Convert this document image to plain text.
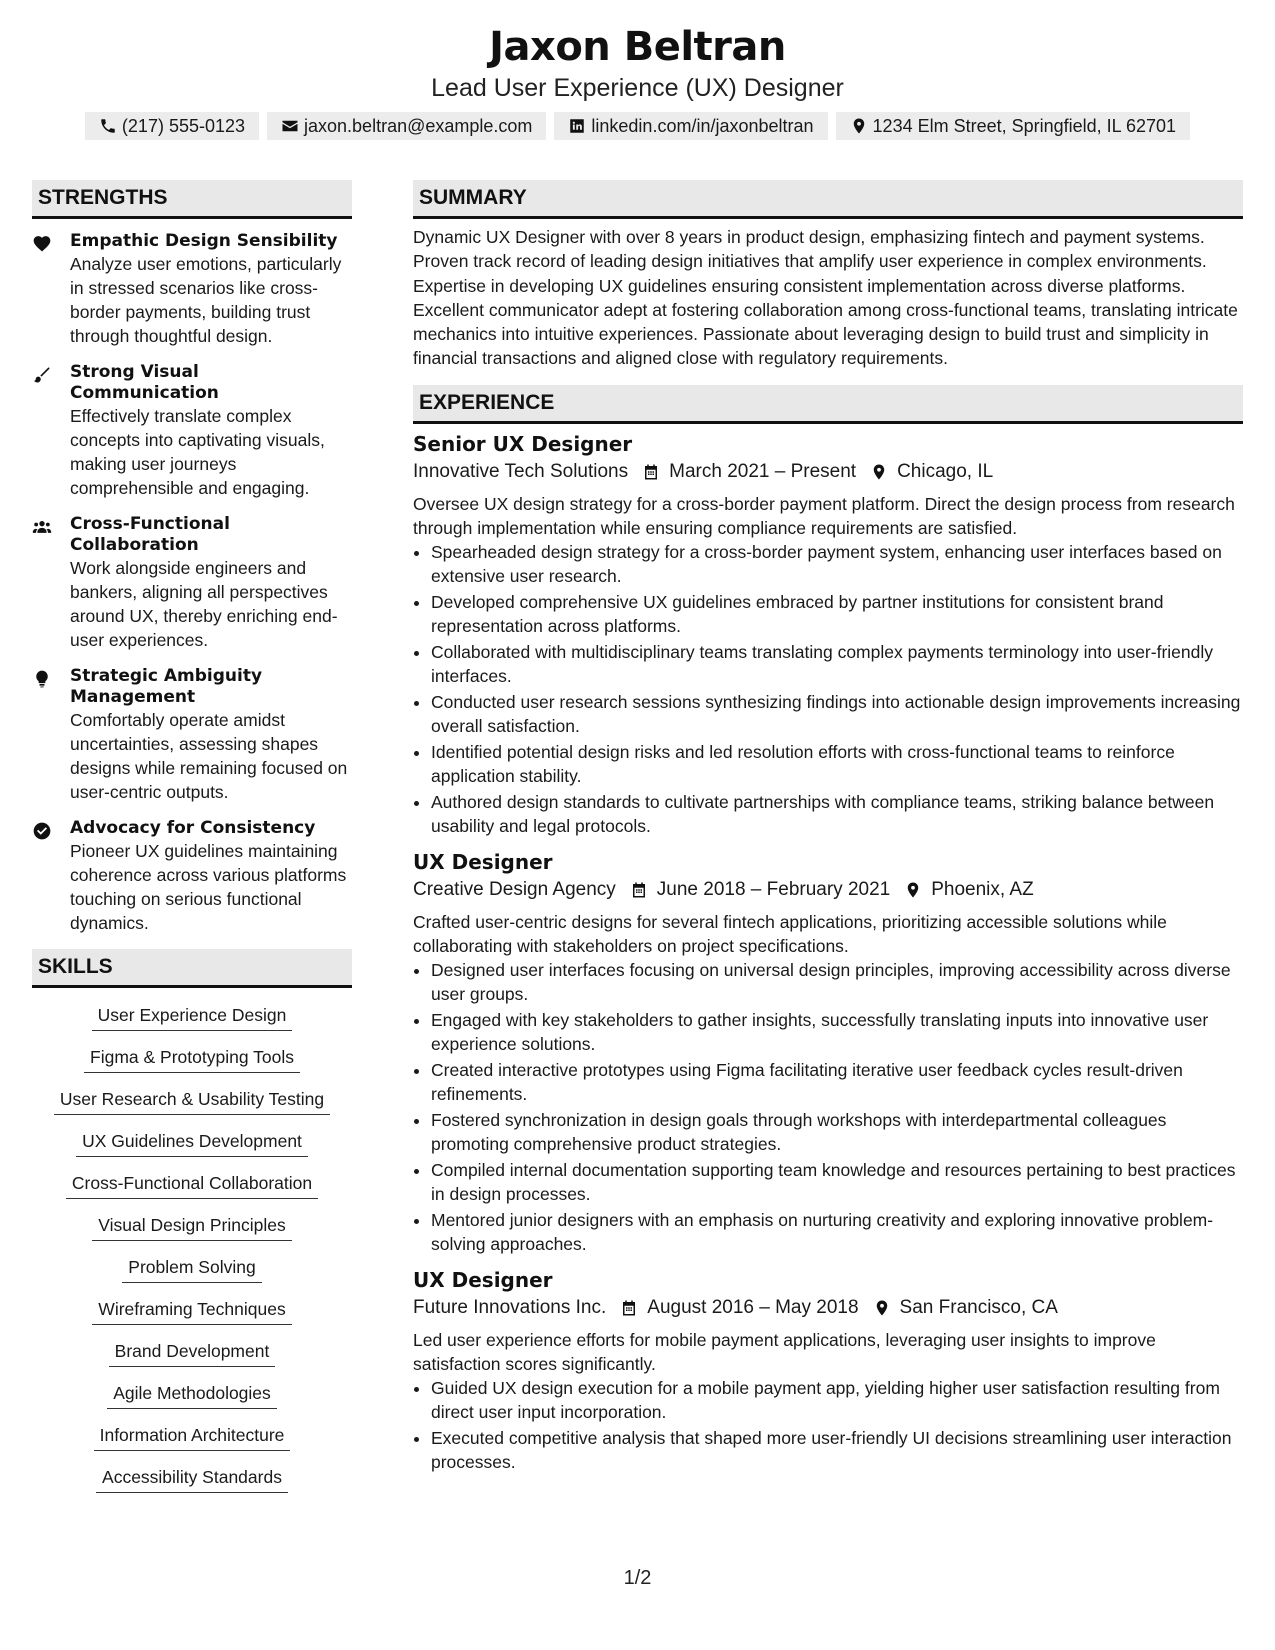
Jaxon Beltran
Lead User Experience (UX) Designer
(217) 555-0123	jaxon.beltran@example.com	linkedin.com/in/jaxonbeltran	1234 Elm Street, Springfield, IL 62701
STRENGTHS
Empathic Design Sensibility
Analyze user emotions, particularly in stressed scenarios like cross-border payments, building trust through thoughtful design.
Strong Visual Communication
Effectively translate complex concepts into captivating visuals, making user journeys comprehensible and engaging.
Cross-Functional Collaboration
Work alongside engineers and bankers, aligning all perspectives around UX, thereby enriching end-user experiences.
Strategic Ambiguity Management
Comfortably operate amidst uncertainties, assessing shapes designs while remaining focused on user-centric outputs.
Advocacy for Consistency
Pioneer UX guidelines maintaining coherence across various platforms touching on serious functional dynamics.
SKILLS
User Experience Design
Figma & Prototyping Tools
User Research & Usability Testing
UX Guidelines Development
Cross-Functional Collaboration
Visual Design Principles
Problem Solving
Wireframing Techniques
Brand Development
Agile Methodologies
Information Architecture
Accessibility Standards
SUMMARY
Dynamic UX Designer with over 8 years in product design, emphasizing fintech and payment systems. Proven track record of leading design initiatives that amplify user experience in complex environments. Expertise in developing UX guidelines ensuring consistent implementation across diverse platforms. Excellent communicator adept at fostering collaboration among cross-functional teams, translating intricate mechanics into intuitive experiences. Passionate about leveraging design to build trust and simplicity in financial transactions and aligned close with regulatory requirements.
EXPERIENCE
Senior UX Designer
Innovative Tech Solutions March 2021 – Present Chicago, IL
Oversee UX design strategy for a cross-border payment platform. Direct the design process from research through implementation while ensuring compliance requirements are satisfied.
• Spearheaded design strategy for a cross-border payment system, enhancing user interfaces based on extensive user research.
• Developed comprehensive UX guidelines embraced by partner institutions for consistent brand representation across platforms.
• Collaborated with multidisciplinary teams translating complex payments terminology into user-friendly interfaces.
• Conducted user research sessions synthesizing findings into actionable design improvements increasing overall satisfaction.
• Identified potential design risks and led resolution efforts with cross-functional teams to reinforce application stability.
• Authored design standards to cultivate partnerships with compliance teams, striking balance between usability and legal protocols.
UX Designer
Creative Design Agency June 2018 – February 2021 Phoenix, AZ
Crafted user-centric designs for several fintech applications, prioritizing accessible solutions while collaborating with stakeholders on project specifications.
• Designed user interfaces focusing on universal design principles, improving accessibility across diverse user groups.
• Engaged with key stakeholders to gather insights, successfully translating inputs into innovative user experience solutions.
• Created interactive prototypes using Figma facilitating iterative user feedback cycles result-driven refinements.
• Fostered synchronization in design goals through workshops with interdepartmental colleagues promoting comprehensive product strategies.
• Compiled internal documentation supporting team knowledge and resources pertaining to best practices in design processes.
• Mentored junior designers with an emphasis on nurturing creativity and exploring innovative problem-solving approaches.
UX Designer
Future Innovations Inc. August 2016 – May 2018 San Francisco, CA
Led user experience efforts for mobile payment applications, leveraging user insights to improve satisfaction scores significantly.
• Guided UX design execution for a mobile payment app, yielding higher user satisfaction resulting from direct user input incorporation.
• Executed competitive analysis that shaped more user-friendly UI decisions streamlining user interaction processes.
1/2
